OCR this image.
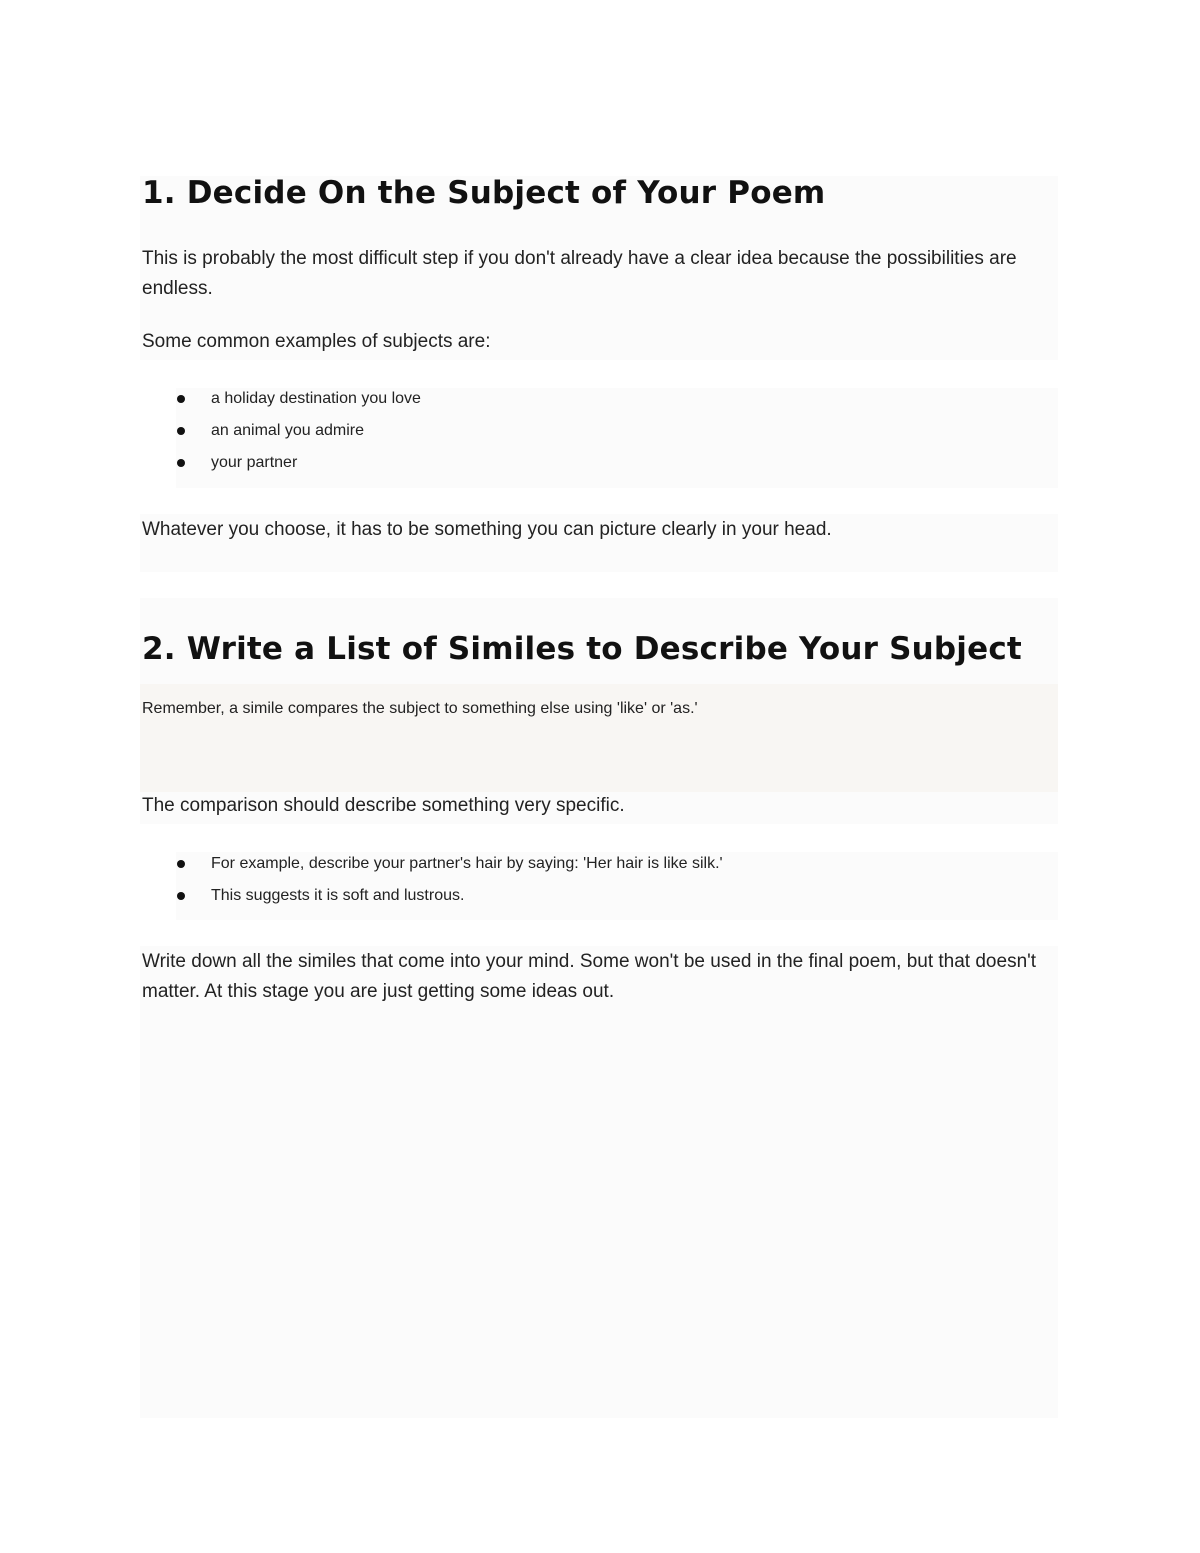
1. Decide On the Subject of Your Poem

This is probably the most difficult step if you don't already have a clear idea because the possibilities are endless.

Some common examples of subjects are:

a holiday destination you love
an animal you admire
your partner

Whatever you choose, it has to be something you can picture clearly in your head.

2. Write a List of Similes to Describe Your Subject

Remember, a simile compares the subject to something else using 'like' or 'as.'

The comparison should describe something very specific.

For example, describe your partner's hair by saying: 'Her hair is like silk.'
This suggests it is soft and lustrous.

Write down all the similes that come into your mind. Some won't be used in the final poem, but that doesn't matter. At this stage you are just getting some ideas out.
